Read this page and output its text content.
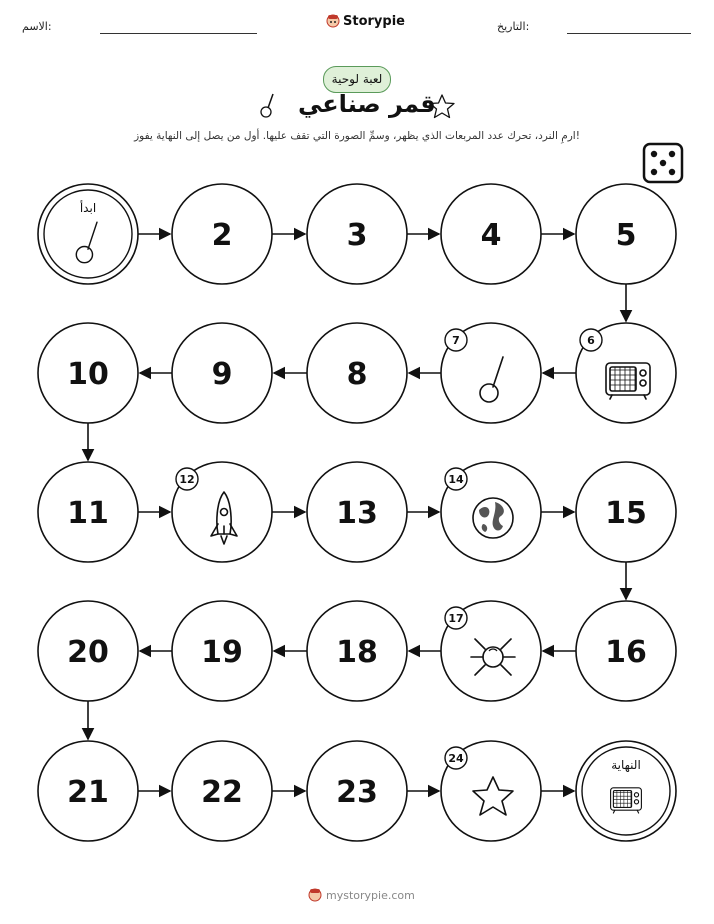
الاسم:	Storypie	التاريخ:
لعبة لوحية
قمر صناعي
ارمِ النرد، تحرك عدد المربعات الذي يظهر، وسمِّ الصورة التي تقف عليها. أول من يصل إلى النهاية يفوز!
ابدأ
2	3	4	5
6
7
8
9
10
11
12
13
14
15
16
17
18
19
20
21	22	23
24	النهاية
mystorypie.com
